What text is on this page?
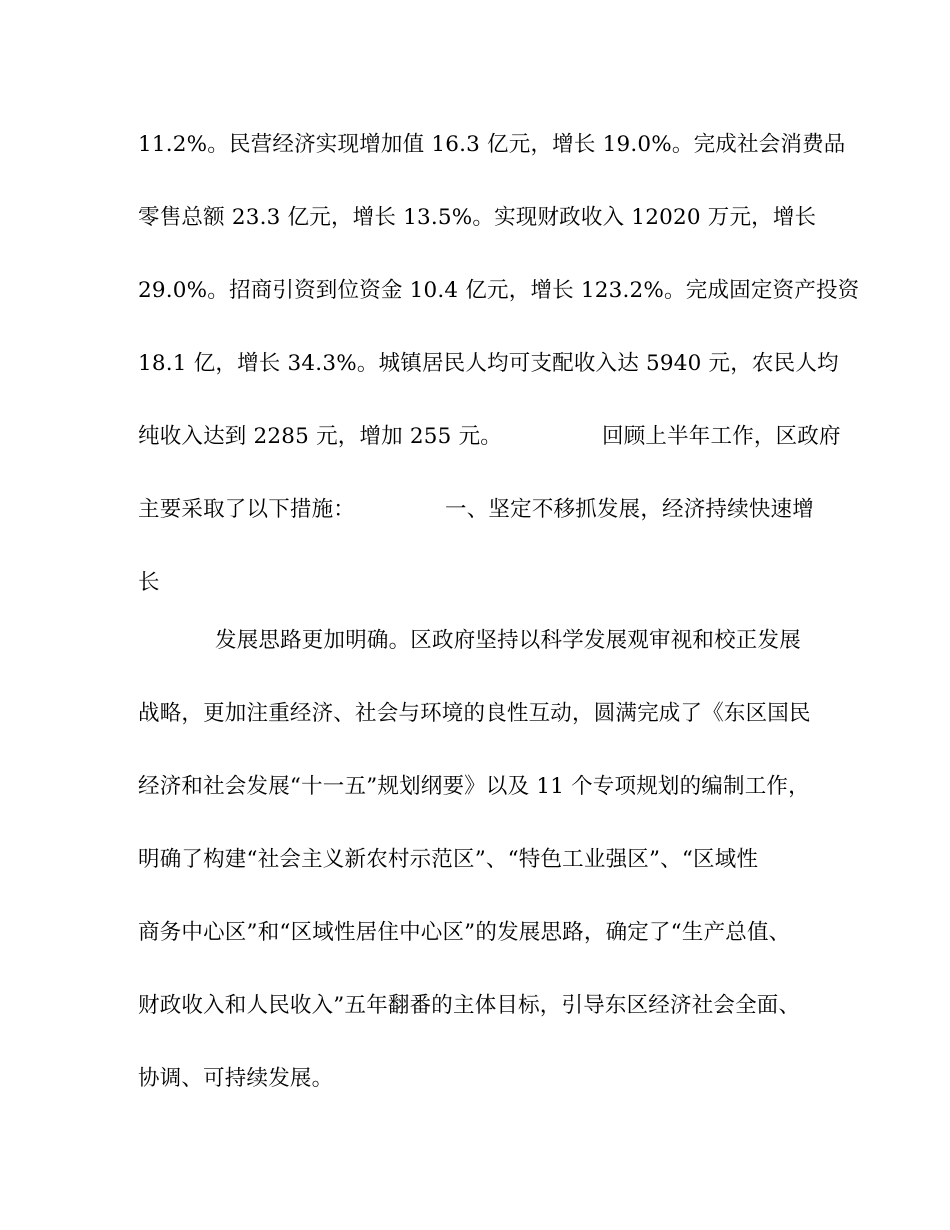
11.2%。民营经济实现增加值 16.3 亿元，增长 19.0%。完成社会消费品
零售总额 23.3 亿元，增长 13.5%。实现财政收入 12020 万元，增长
29.0%。招商引资到位资金 10.4 亿元，增长 123.2%。完成固定资产投资
18.1 亿，增长 34.3%。城镇居民人均可支配收入达 5940 元，农民人均
纯收入达到 2285 元，增加 255 元。	回顾上半年工作，区政府
主要采取了以下措施：	一、坚定不移抓发展，经济持续快速增
长
发展思路更加明确。区政府坚持以科学发展观审视和校正发展
战略，更加注重经济、社会与环境的良性互动，圆满完成了《东区国民
经济和社会发展“十一五”规划纲要》以及 11 个专项规划的编制工作，
明确了构建“社会主义新农村示范区”、“特色工业强区”、“区域性
商务中心区”和“区域性居住中心区”的发展思路，确定了“生产总值、
财政收入和人民收入”五年翻番的主体目标，引导东区经济社会全面、
协调、可持续发展。
